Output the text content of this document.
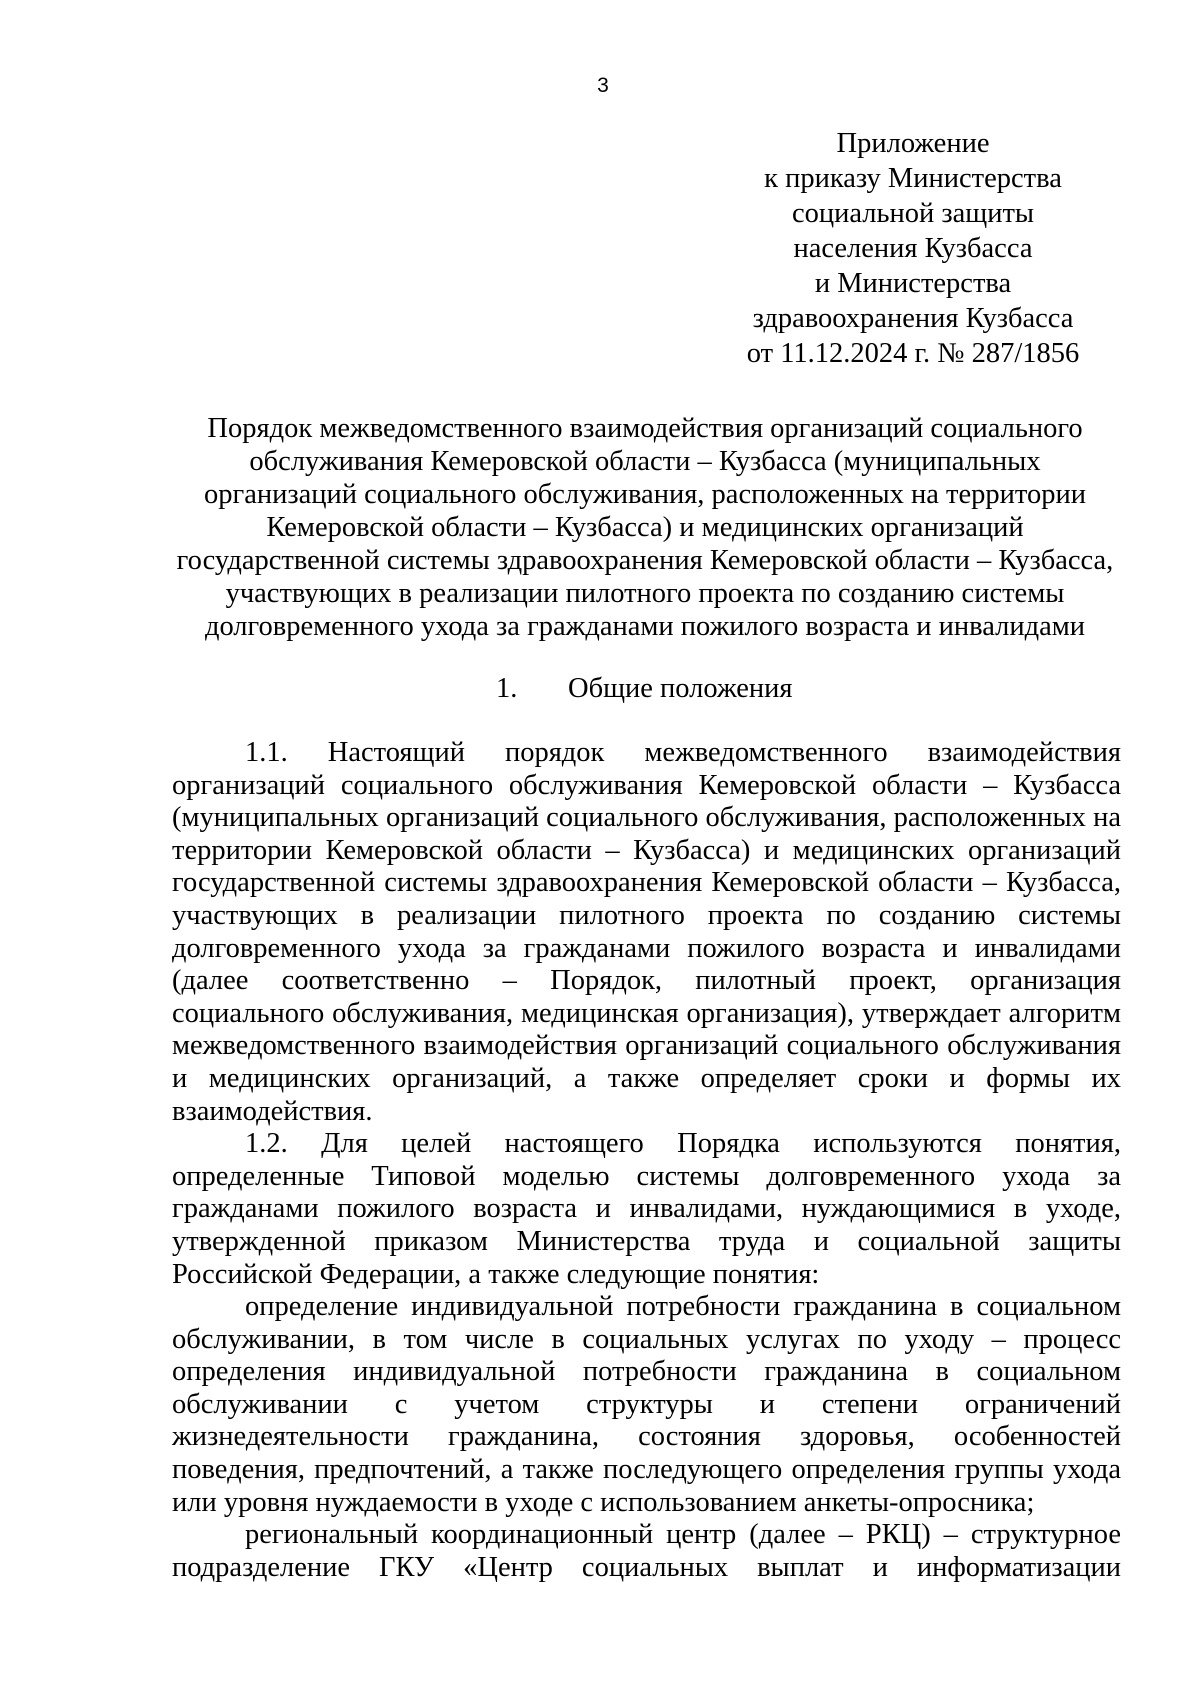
3
Приложение
к приказу Министерства
социальной защиты
населения Кузбасса
и Министерства
здравоохранения Кузбасса
от 11.12.2024 г. № 287/1856
Порядок межведомственного взаимодействия организаций социального
обслуживания Кемеровской области – Кузбасса (муниципальных
организаций социального обслуживания, расположенных на территории
Кемеровской области – Кузбасса) и медицинских организаций
государственной системы здравоохранения Кемеровской области – Кузбасса,
участвующих в реализации пилотного проекта по созданию системы
долговременного ухода за гражданами пожилого возраста и инвалидами
1. Общие положения

1.1. Настоящий порядок межведомственного взаимодействия организаций социального обслуживания Кемеровской области – Кузбасса (муниципальных организаций социального обслуживания, расположенных на территории Кемеровской области – Кузбасса) и медицинских организаций государственной системы здравоохранения Кемеровской области – Кузбасса, участвующих в реализации пилотного проекта по созданию системы долговременного ухода за гражданами пожилого возраста и инвалидами (далее соответственно – Порядок, пилотный проект, организация социального обслуживания, медицинская организация), утверждает алгоритм межведомственного взаимодействия организаций социального обслуживания и медицинских организаций, а также определяет сроки и формы их взаимодействия.

1.2. Для целей настоящего Порядка используются понятия, определенные Типовой моделью системы долговременного ухода за гражданами пожилого возраста и инвалидами, нуждающимися в уходе, утвержденной приказом Министерства труда и социальной защиты Российской Федерации, а также следующие понятия:

определение индивидуальной потребности гражданина в социальном обслуживании, в том числе в социальных услугах по уходу – процесс определения индивидуальной потребности гражданина в социальном обслуживании с учетом структуры и степени ограничений жизнедеятельности гражданина, состояния здоровья, особенностей поведения, предпочтений, а также последующего определения группы ухода или уровня нуждаемости в уходе с использованием анкеты-опросника;

региональный координационный центр (далее – РКЦ) – структурное подразделение ГКУ «Центр социальных выплат и информатизации
